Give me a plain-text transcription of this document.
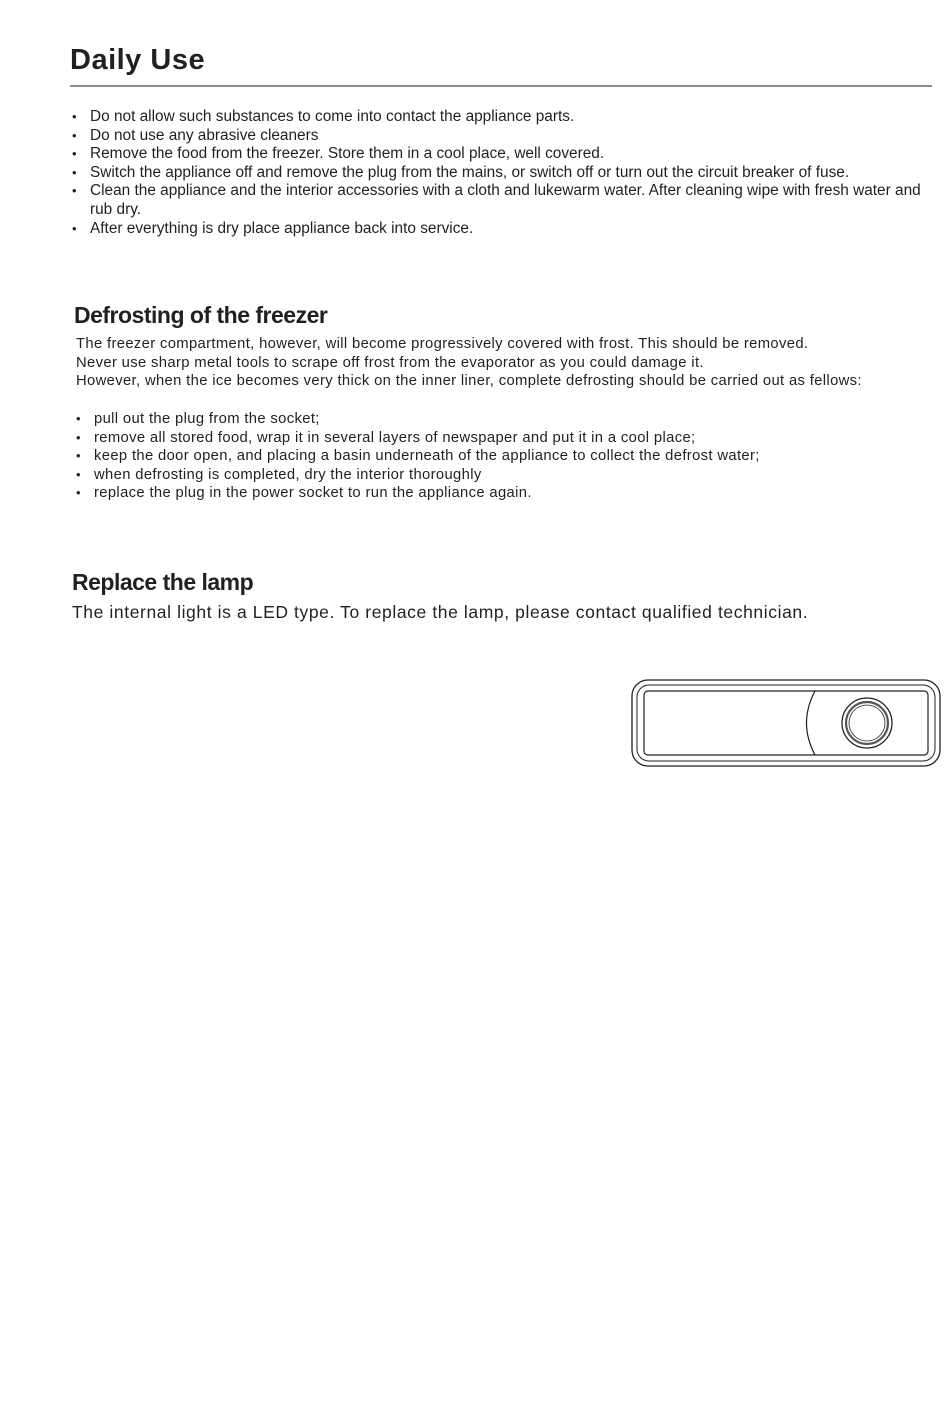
Daily Use
• Do not allow such substances to come into contact the appliance parts.
• Do not use any abrasive cleaners
• Remove the food from the freezer. Store them in a cool place, well covered.
• Switch the appliance off and remove the plug from the mains, or switch off or turn out the circuit breaker of fuse.
• Clean the appliance and the interior accessories with a cloth and lukewarm water. After cleaning wipe with fresh water and rub dry.
• After everything is dry place appliance back into service.
Defrosting of the freezer
The freezer compartment, however, will become progressively covered with frost. This should be removed.
Never use sharp metal tools to scrape off frost from the evaporator as you could damage it.
However, when the ice becomes very thick on the inner liner, complete defrosting should be carried out as fellows:
• pull out the plug from the socket;
• remove all stored food, wrap it in several layers of newspaper and put it in a cool place;
• keep the door open, and placing a basin underneath of the appliance to collect the defrost water;
• when defrosting is completed, dry the interior thoroughly
• replace the plug in the power socket to run the appliance again.
Replace the lamp

The internal light is a LED type. To replace the lamp, please contact qualified technician.
